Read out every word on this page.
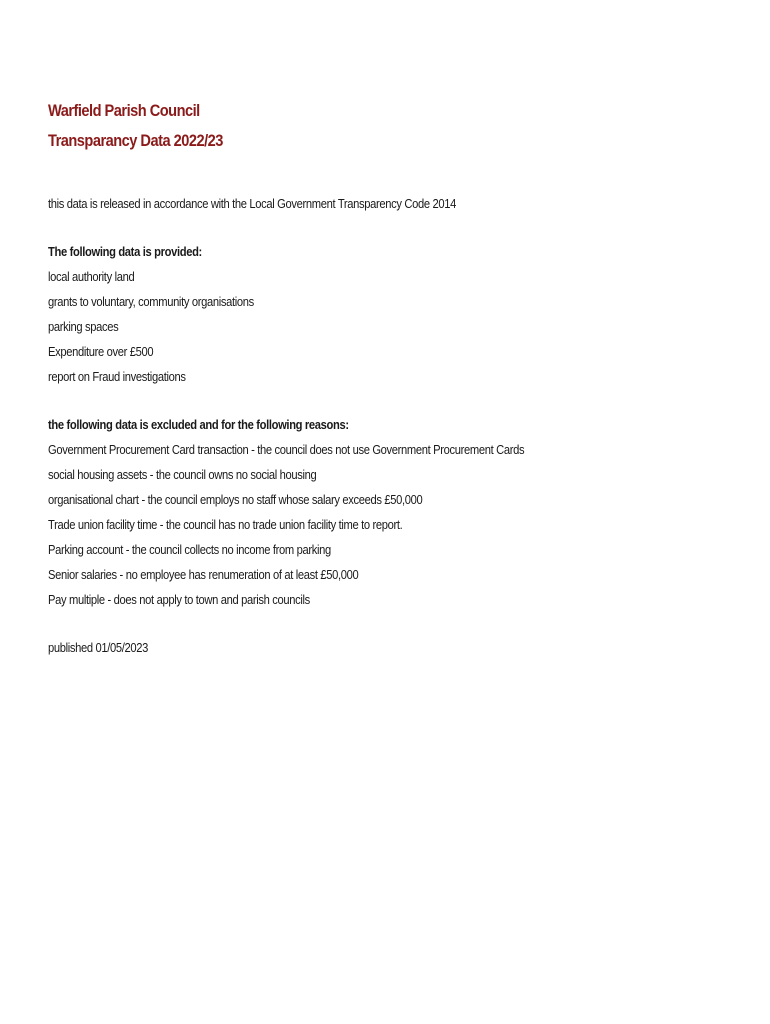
Warfield Parish Council
Transparancy Data 2022/23
this data is released in accordance with the Local Government Transparency Code 2014
The following data is provided:
local authority land
grants to voluntary, community organisations
parking spaces
Expenditure over £500
report on Fraud investigations
the following data is excluded and for the following reasons:
Government Procurement Card transaction - the council does not use Government Procurement Cards
social housing assets - the council owns no social housing
organisational chart - the council employs no staff whose salary exceeds £50,000
Trade union facility time - the council has no trade union facility time to report.
Parking account - the council collects no income from parking
Senior salaries - no employee has renumeration of at least £50,000
Pay multiple - does not apply to town and parish councils
published 01/05/2023
